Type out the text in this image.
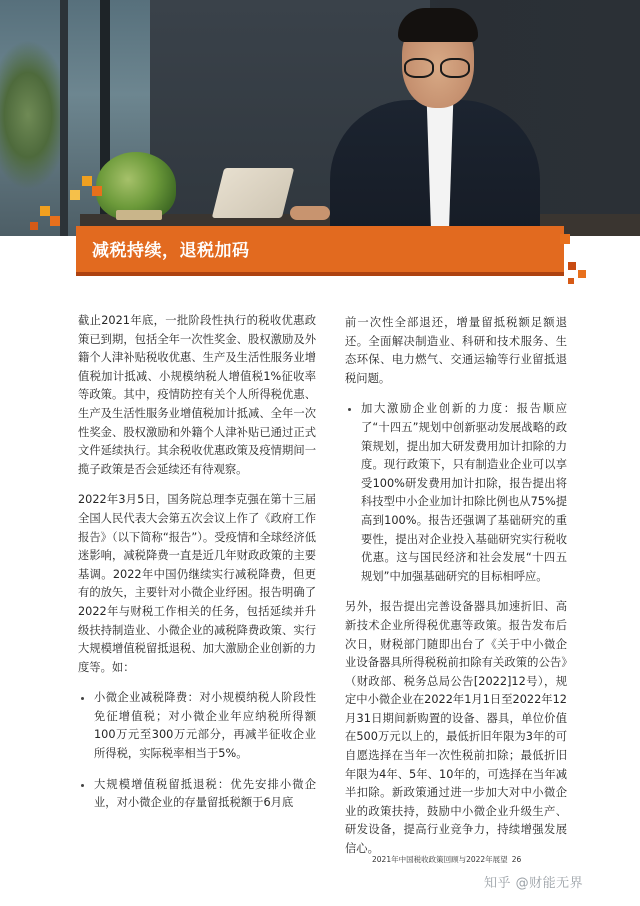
减税持续，退税加码

截止2021年底，一批阶段性执行的税收优惠政策已到期，包括全年一次性奖金、股权激励及外籍个人津补贴税收优惠、生产及生活性服务业增值税加计抵减、小规模纳税人增值税1%征收率等政策。其中，疫情防控有关个人所得税优惠、生产及生活性服务业增值税加计抵减、全年一次性奖金、股权激励和外籍个人津补贴已通过正式文件延续执行。其余税收优惠政策及疫情期间一揽子政策是否会延续还有待观察。

2022年3月5日，国务院总理李克强在第十三届全国人民代表大会第五次会议上作了《政府工作报告》（以下简称“报告”）。受疫情和全球经济低迷影响，减税降费一直是近几年财政政策的主要基调。2022年中国仍继续实行减税降费，但更有的放矢，主要针对小微企业纾困。报告明确了2022年与财税工作相关的任务，包括延续并升级扶持制造业、小微企业的减税降费政策、实行大规模增值税留抵退税、加大激励企业创新的力度等。如：

• 小微企业减税降费：对小规模纳税人阶段性免征增值税；对小微企业年应纳税所得额100万元至300万元部分，再减半征收企业所得税，实际税率相当于5%。
• 大规模增值税留抵退税：优先安排小微企业，对小微企业的存量留抵税额于6月底

前一次性全部退还，增量留抵税额足额退还。全面解决制造业、科研和技术服务、生态环保、电力燃气、交通运输等行业留抵退税问题。

• 加大激励企业创新的力度：报告顺应了“十四五”规划中创新驱动发展战略的政策规划，提出加大研发费用加计扣除的力度。现行政策下，只有制造业企业可以享受100%研发费用加计扣除，报告提出将科技型中小企业加计扣除比例也从75%提高到100%。报告还强调了基础研究的重要性，提出对企业投入基础研究实行税收优惠。这与国民经济和社会发展“十四五规划”中加强基础研究的目标相呼应。

另外，报告提出完善设备器具加速折旧、高新技术企业所得税优惠等政策。报告发布后次日，财税部门随即出台了《关于中小微企业设备器具所得税税前扣除有关政策的公告》（财政部、税务总局公告[2022]12号），规定中小微企业在2022年1月1日至2022年12月31日期间新购置的设备、器具，单位价值在500万元以上的，最低折旧年限为3年的可自愿选择在当年一次性税前扣除；最低折旧年限为4年、5年、10年的，可选择在当年减半扣除。新政策通过进一步加大对中小微企业的政策扶持，鼓励中小微企业升级生产、研发设备，提高行业竞争力，持续增强发展信心。

2021年中国税收政策回顾与2022年展望 26
知乎 @财能无界
